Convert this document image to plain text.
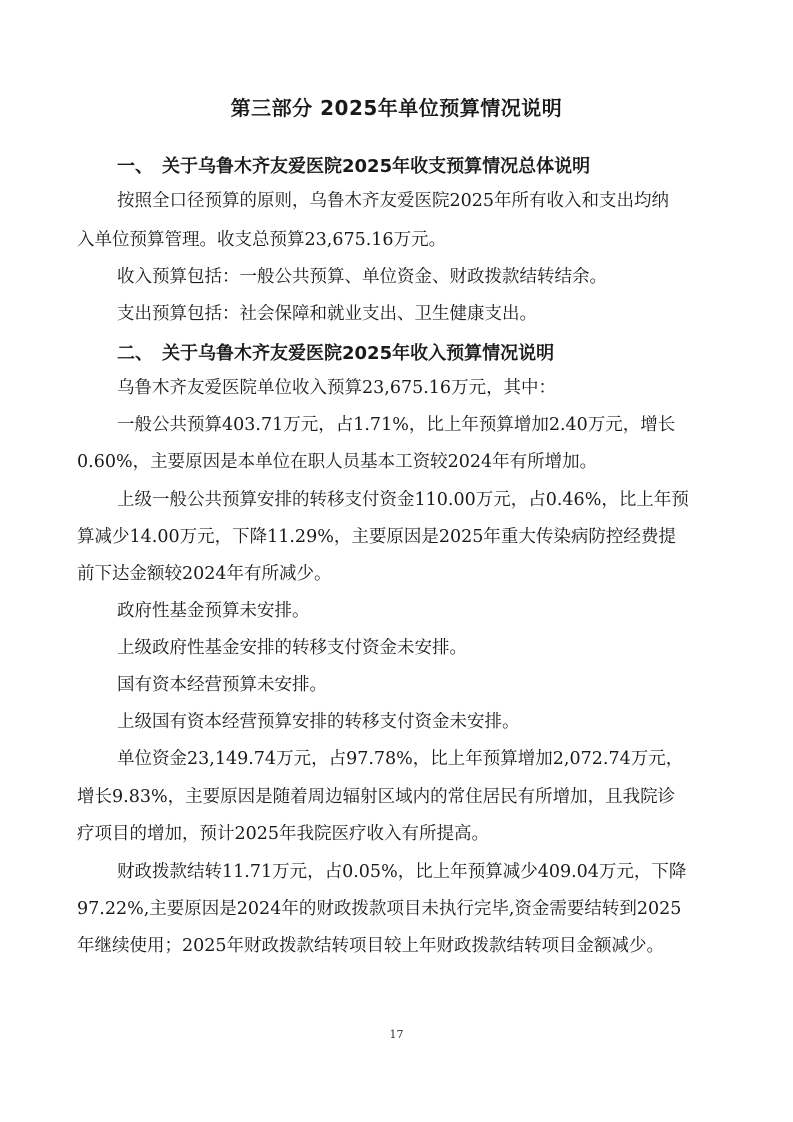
第三部分 2025年单位预算情况说明
一、 关于乌鲁木齐友爱医院2025年收支预算情况总体说明
按照全口径预算的原则，乌鲁木齐友爱医院2025年所有收入和支出均纳
入单位预算管理。收支总预算23,675.16万元。
收入预算包括：一般公共预算、单位资金、财政拨款结转结余。
支出预算包括：社会保障和就业支出、卫生健康支出。
二、 关于乌鲁木齐友爱医院2025年收入预算情况说明
乌鲁木齐友爱医院单位收入预算23,675.16万元，其中：
一般公共预算403.71万元，占1.71%，比上年预算增加2.40万元，增长
0.60%，主要原因是本单位在职人员基本工资较2024年有所增加。
上级一般公共预算安排的转移支付资金110.00万元，占0.46%，比上年预
算减少14.00万元，下降11.29%，主要原因是2025年重大传染病防控经费提
前下达金额较2024年有所减少。
政府性基金预算未安排。
上级政府性基金安排的转移支付资金未安排。
国有资本经营预算未安排。
上级国有资本经营预算安排的转移支付资金未安排。
单位资金23,149.74万元，占97.78%，比上年预算增加2,072.74万元，
增长9.83%，主要原因是随着周边辐射区域内的常住居民有所增加，且我院诊
疗项目的增加，预计2025年我院医疗收入有所提高。
财政拨款结转11.71万元，占0.05%，比上年预算减少409.04万元，下降
97.22%,主要原因是2024年的财政拨款项目未执行完毕,资金需要结转到2025
年继续使用；2025年财政拨款结转项目较上年财政拨款结转项目金额减少。
17
